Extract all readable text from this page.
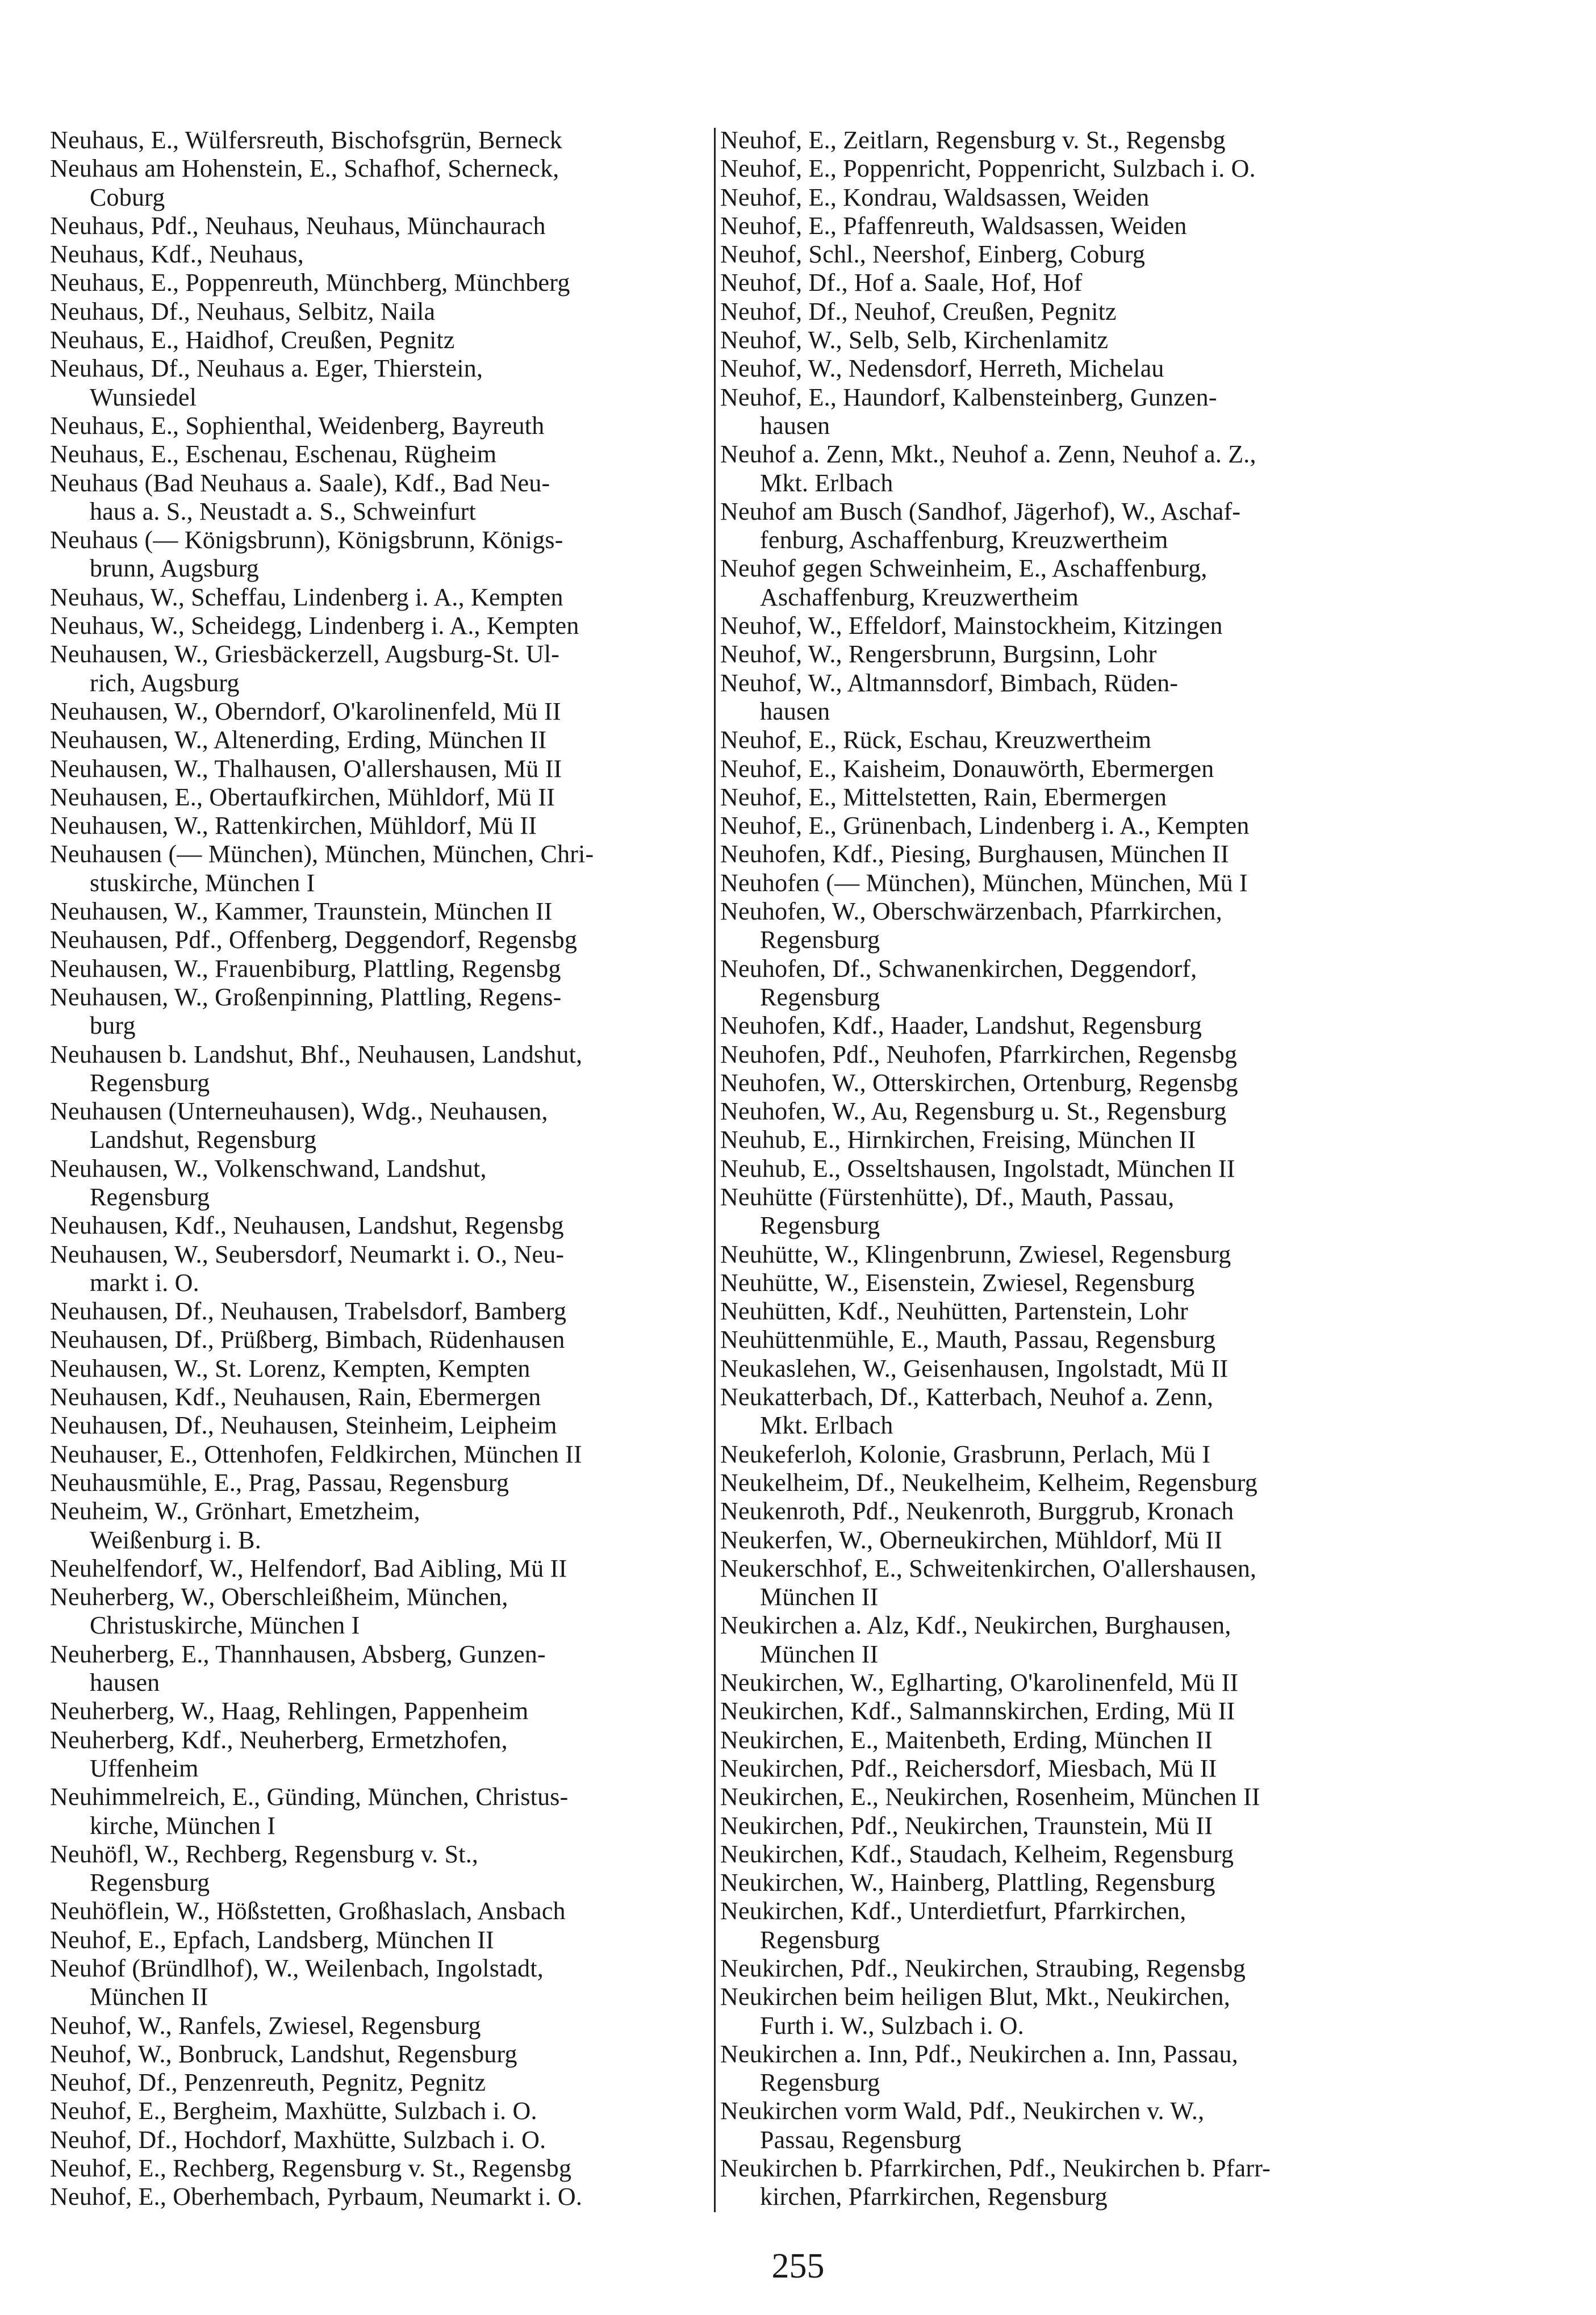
Neuhaus, E., Wülfersreuth, Bischofsgrün, Berneck
Neuhaus am Hohenstein, E., Schafhof, Scherneck,
Coburg
Neuhaus, Pdf., Neuhaus, Neuhaus, Münchaurach
Neuhaus, Kdf., Neuhaus,
Neuhaus, E., Poppenreuth, Münchberg, Münchberg
Neuhaus, Df., Neuhaus, Selbitz, Naila
Neuhaus, E., Haidhof, Creußen, Pegnitz
Neuhaus, Df., Neuhaus a. Eger, Thierstein,
Wunsiedel
Neuhaus, E., Sophienthal, Weidenberg, Bayreuth
Neuhaus, E., Eschenau, Eschenau, Rügheim
Neuhaus (Bad Neuhaus a. Saale), Kdf., Bad Neu-
haus a. S., Neustadt a. S., Schweinfurt
Neuhaus (— Königsbrunn), Königsbrunn, Königs-
brunn, Augsburg
Neuhaus, W., Scheffau, Lindenberg i. A., Kempten
Neuhaus, W., Scheidegg, Lindenberg i. A., Kempten
Neuhausen, W., Griesbäckerzell, Augsburg-St. Ul-
rich, Augsburg
Neuhausen, W., Oberndorf, O'karolinenfeld, Mü II
Neuhausen, W., Altenerding, Erding, München II
Neuhausen, W., Thalhausen, O'allershausen, Mü II
Neuhausen, E., Obertaufkirchen, Mühldorf, Mü II
Neuhausen, W., Rattenkirchen, Mühldorf, Mü II
Neuhausen (— München), München, München, Chri-
stuskirche, München I
Neuhausen, W., Kammer, Traunstein, München II
Neuhausen, Pdf., Offenberg, Deggendorf, Regensbg
Neuhausen, W., Frauenbiburg, Plattling, Regensbg
Neuhausen, W., Großenpinning, Plattling, Regens-
burg
Neuhausen b. Landshut, Bhf., Neuhausen, Landshut,
Regensburg
Neuhausen (Unterneuhausen), Wdg., Neuhausen,
Landshut, Regensburg
Neuhausen, W., Volkenschwand, Landshut,
Regensburg
Neuhausen, Kdf., Neuhausen, Landshut, Regensbg
Neuhausen, W., Seubersdorf, Neumarkt i. O., Neu-
markt i. O.
Neuhausen, Df., Neuhausen, Trabelsdorf, Bamberg
Neuhausen, Df., Prüßberg, Bimbach, Rüdenhausen
Neuhausen, W., St. Lorenz, Kempten, Kempten
Neuhausen, Kdf., Neuhausen, Rain, Ebermergen
Neuhausen, Df., Neuhausen, Steinheim, Leipheim
Neuhauser, E., Ottenhofen, Feldkirchen, München II
Neuhausmühle, E., Prag, Passau, Regensburg
Neuheim, W., Grönhart, Emetzheim,
Weißenburg i. B.
Neuhelfendorf, W., Helfendorf, Bad Aibling, Mü II
Neuherberg, W., Oberschleißheim, München,
Christuskirche, München I
Neuherberg, E., Thannhausen, Absberg, Gunzen-
hausen
Neuherberg, W., Haag, Rehlingen, Pappenheim
Neuherberg, Kdf., Neuherberg, Ermetzhofen,
Uffenheim
Neuhimmelreich, E., Günding, München, Christus-
kirche, München I
Neuhöfl, W., Rechberg, Regensburg v. St.,
Regensburg
Neuhöflein, W., Hößstetten, Großhaslach, Ansbach
Neuhof, E., Epfach, Landsberg, München II
Neuhof (Bründlhof), W., Weilenbach, Ingolstadt,
München II
Neuhof, W., Ranfels, Zwiesel, Regensburg
Neuhof, W., Bonbruck, Landshut, Regensburg
Neuhof, Df., Penzenreuth, Pegnitz, Pegnitz
Neuhof, E., Bergheim, Maxhütte, Sulzbach i. O.
Neuhof, Df., Hochdorf, Maxhütte, Sulzbach i. O.
Neuhof, E., Rechberg, Regensburg v. St., Regensbg
Neuhof, E., Oberhembach, Pyrbaum, Neumarkt i. O.
Neuhof, E., Zeitlarn, Regensburg v. St., Regensbg
Neuhof, E., Poppenricht, Poppenricht, Sulzbach i. O.
Neuhof, E., Kondrau, Waldsassen, Weiden
Neuhof, E., Pfaffenreuth, Waldsassen, Weiden
Neuhof, Schl., Neershof, Einberg, Coburg
Neuhof, Df., Hof a. Saale, Hof, Hof
Neuhof, Df., Neuhof, Creußen, Pegnitz
Neuhof, W., Selb, Selb, Kirchenlamitz
Neuhof, W., Nedensdorf, Herreth, Michelau
Neuhof, E., Haundorf, Kalbensteinberg, Gunzen-
hausen
Neuhof a. Zenn, Mkt., Neuhof a. Zenn, Neuhof a. Z.,
Mkt. Erlbach
Neuhof am Busch (Sandhof, Jägerhof), W., Aschaf-
fenburg, Aschaffenburg, Kreuzwertheim
Neuhof gegen Schweinheim, E., Aschaffenburg,
Aschaffenburg, Kreuzwertheim
Neuhof, W., Effeldorf, Mainstockheim, Kitzingen
Neuhof, W., Rengersbrunn, Burgsinn, Lohr
Neuhof, W., Altmannsdorf, Bimbach, Rüden-
hausen
Neuhof, E., Rück, Eschau, Kreuzwertheim
Neuhof, E., Kaisheim, Donauwörth, Ebermergen
Neuhof, E., Mittelstetten, Rain, Ebermergen
Neuhof, E., Grünenbach, Lindenberg i. A., Kempten
Neuhofen, Kdf., Piesing, Burghausen, München II
Neuhofen (— München), München, München, Mü I
Neuhofen, W., Oberschwärzenbach, Pfarrkirchen,
Regensburg
Neuhofen, Df., Schwanenkirchen, Deggendorf,
Regensburg
Neuhofen, Kdf., Haader, Landshut, Regensburg
Neuhofen, Pdf., Neuhofen, Pfarrkirchen, Regensbg
Neuhofen, W., Otterskirchen, Ortenburg, Regensbg
Neuhofen, W., Au, Regensburg u. St., Regensburg
Neuhub, E., Hirnkirchen, Freising, München II
Neuhub, E., Osseltshausen, Ingolstadt, München II
Neuhütte (Fürstenhütte), Df., Mauth, Passau,
Regensburg
Neuhütte, W., Klingenbrunn, Zwiesel, Regensburg
Neuhütte, W., Eisenstein, Zwiesel, Regensburg
Neuhütten, Kdf., Neuhütten, Partenstein, Lohr
Neuhüttenmühle, E., Mauth, Passau, Regensburg
Neukaslehen, W., Geisenhausen, Ingolstadt, Mü II
Neukatterbach, Df., Katterbach, Neuhof a. Zenn,
Mkt. Erlbach
Neukeferloh, Kolonie, Grasbrunn, Perlach, Mü I
Neukelheim, Df., Neukelheim, Kelheim, Regensburg
Neukenroth, Pdf., Neukenroth, Burggrub, Kronach
Neukerfen, W., Oberneukirchen, Mühldorf, Mü II
Neukerschhof, E., Schweitenkirchen, O'allershausen,
München II
Neukirchen a. Alz, Kdf., Neukirchen, Burghausen,
München II
Neukirchen, W., Eglharting, O'karolinenfeld, Mü II
Neukirchen, Kdf., Salmannskirchen, Erding, Mü II
Neukirchen, E., Maitenbeth, Erding, München II
Neukirchen, Pdf., Reichersdorf, Miesbach, Mü II
Neukirchen, E., Neukirchen, Rosenheim, München II
Neukirchen, Pdf., Neukirchen, Traunstein, Mü II
Neukirchen, Kdf., Staudach, Kelheim, Regensburg
Neukirchen, W., Hainberg, Plattling, Regensburg
Neukirchen, Kdf., Unterdietfurt, Pfarrkirchen,
Regensburg
Neukirchen, Pdf., Neukirchen, Straubing, Regensbg
Neukirchen beim heiligen Blut, Mkt., Neukirchen,
Furth i. W., Sulzbach i. O.
Neukirchen a. Inn, Pdf., Neukirchen a. Inn, Passau,
Regensburg
Neukirchen vorm Wald, Pdf., Neukirchen v. W.,
Passau, Regensburg
Neukirchen b. Pfarrkirchen, Pdf., Neukirchen b. Pfarr-
kirchen, Pfarrkirchen, Regensburg
255
